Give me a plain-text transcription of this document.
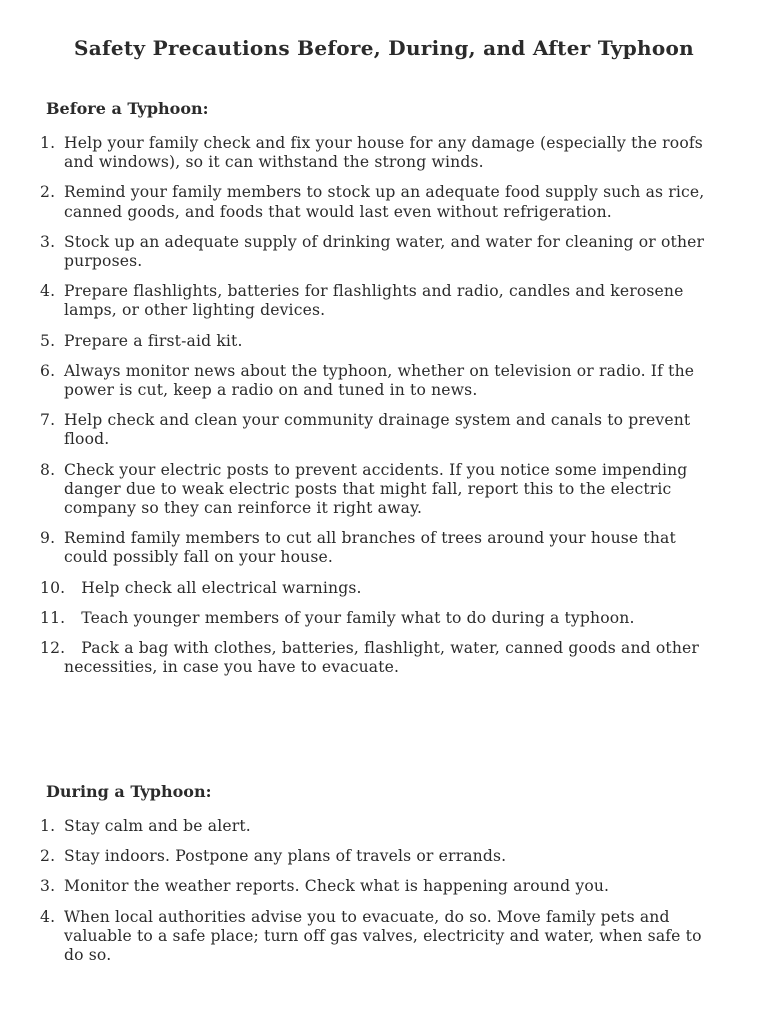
Safety Precautions Before, During, and After Typhoon
Before a Typhoon:
1. Help your family check and fix your house for any damage (especially the roofs and windows), so it can withstand the strong winds.
2. Remind your family members to stock up an adequate food supply such as rice, canned goods, and foods that would last even without refrigeration.
3. Stock up an adequate supply of drinking water, and water for cleaning or other purposes.
4. Prepare flashlights, batteries for flashlights and radio, candles and kerosene lamps, or other lighting devices.
5. Prepare a first-aid kit.
6. Always monitor news about the typhoon, whether on television or radio. If the power is cut, keep a radio on and tuned in to news.
7. Help check and clean your community drainage system and canals to prevent flood.
8. Check your electric posts to prevent accidents. If you notice some impending danger due to weak electric posts that might fall, report this to the electric company so they can reinforce it right away.
9. Remind family members to cut all branches of trees around your house that could possibly fall on your house.
10. Help check all electrical warnings.
11. Teach younger members of your family what to do during a typhoon.
12. Pack a bag with clothes, batteries, flashlight, water, canned goods and other necessities, in case you have to evacuate.
During a Typhoon:
1. Stay calm and be alert.
2. Stay indoors. Postpone any plans of travels or errands.
3. Monitor the weather reports. Check what is happening around you.
4. When local authorities advise you to evacuate, do so. Move family pets and valuable to a safe place; turn off gas valves, electricity and water, when safe to do so.
